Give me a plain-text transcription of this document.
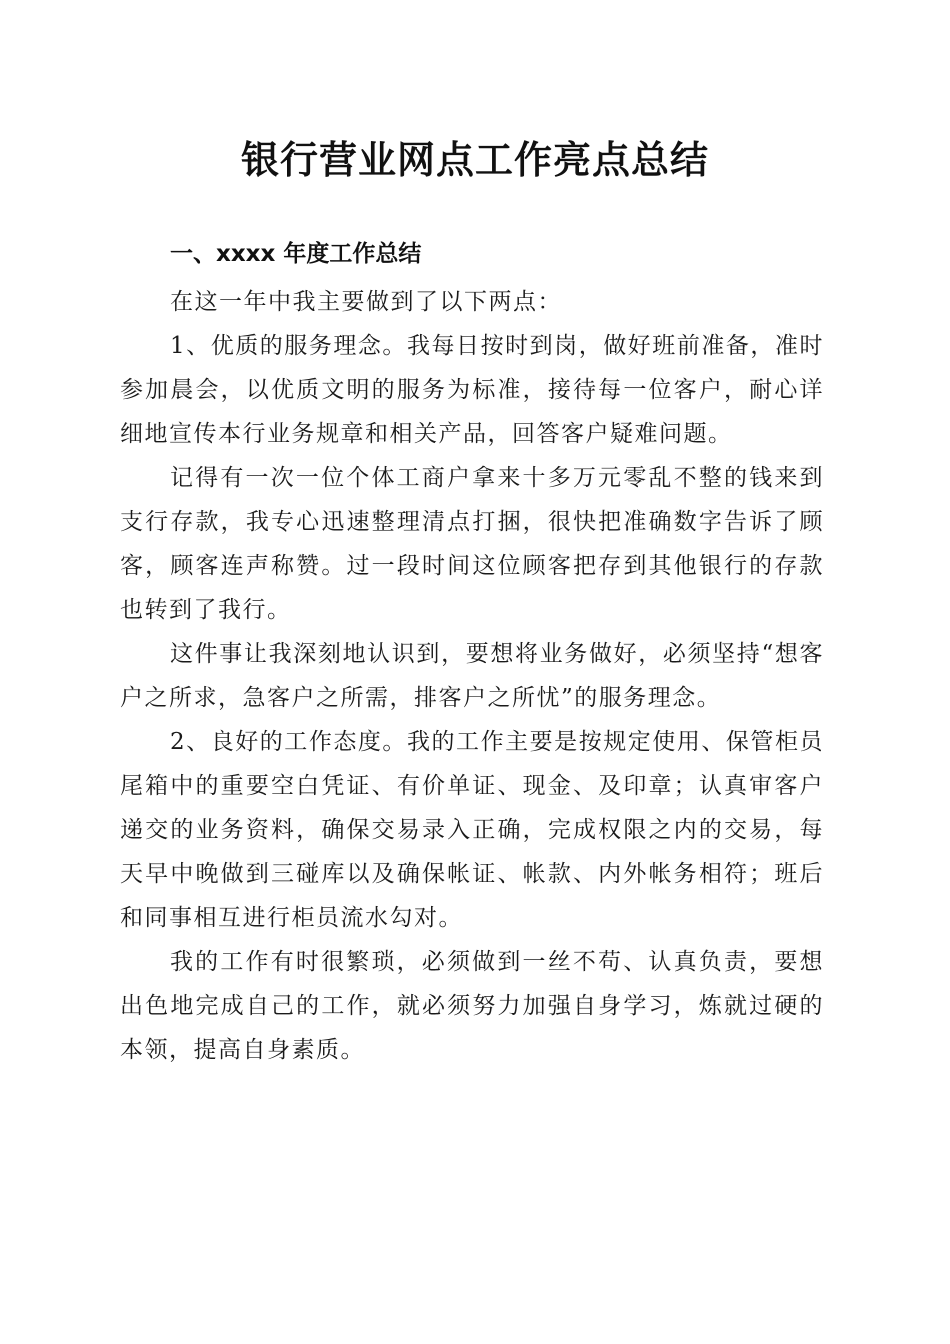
银行营业网点工作亮点总结
一、xxxx 年度工作总结

在这一年中我主要做到了以下两点：

1、优质的服务理念。我每日按时到岗，做好班前准备，准时参加晨会，以优质文明的服务为标准，接待每一位客户，耐心详细地宣传本行业务规章和相关产品，回答客户疑难问题。

记得有一次一位个体工商户拿来十多万元零乱不整的钱来到支行存款，我专心迅速整理清点打捆，很快把准确数字告诉了顾客，顾客连声称赞。过一段时间这位顾客把存到其他银行的存款也转到了我行。

这件事让我深刻地认识到，要想将业务做好，必须坚持“想客户之所求，急客户之所需，排客户之所忧”的服务理念。

2、良好的工作态度。我的工作主要是按规定使用、保管柜员尾箱中的重要空白凭证、有价单证、现金、及印章；认真审客户递交的业务资料，确保交易录入正确，完成权限之内的交易，每天早中晚做到三碰库以及确保帐证、帐款、内外帐务相符；班后和同事相互进行柜员流水勾对。

我的工作有时很繁琐，必须做到一丝不苟、认真负责，要想出色地完成自己的工作，就必须努力加强自身学习，炼就过硬的本领，提高自身素质。
